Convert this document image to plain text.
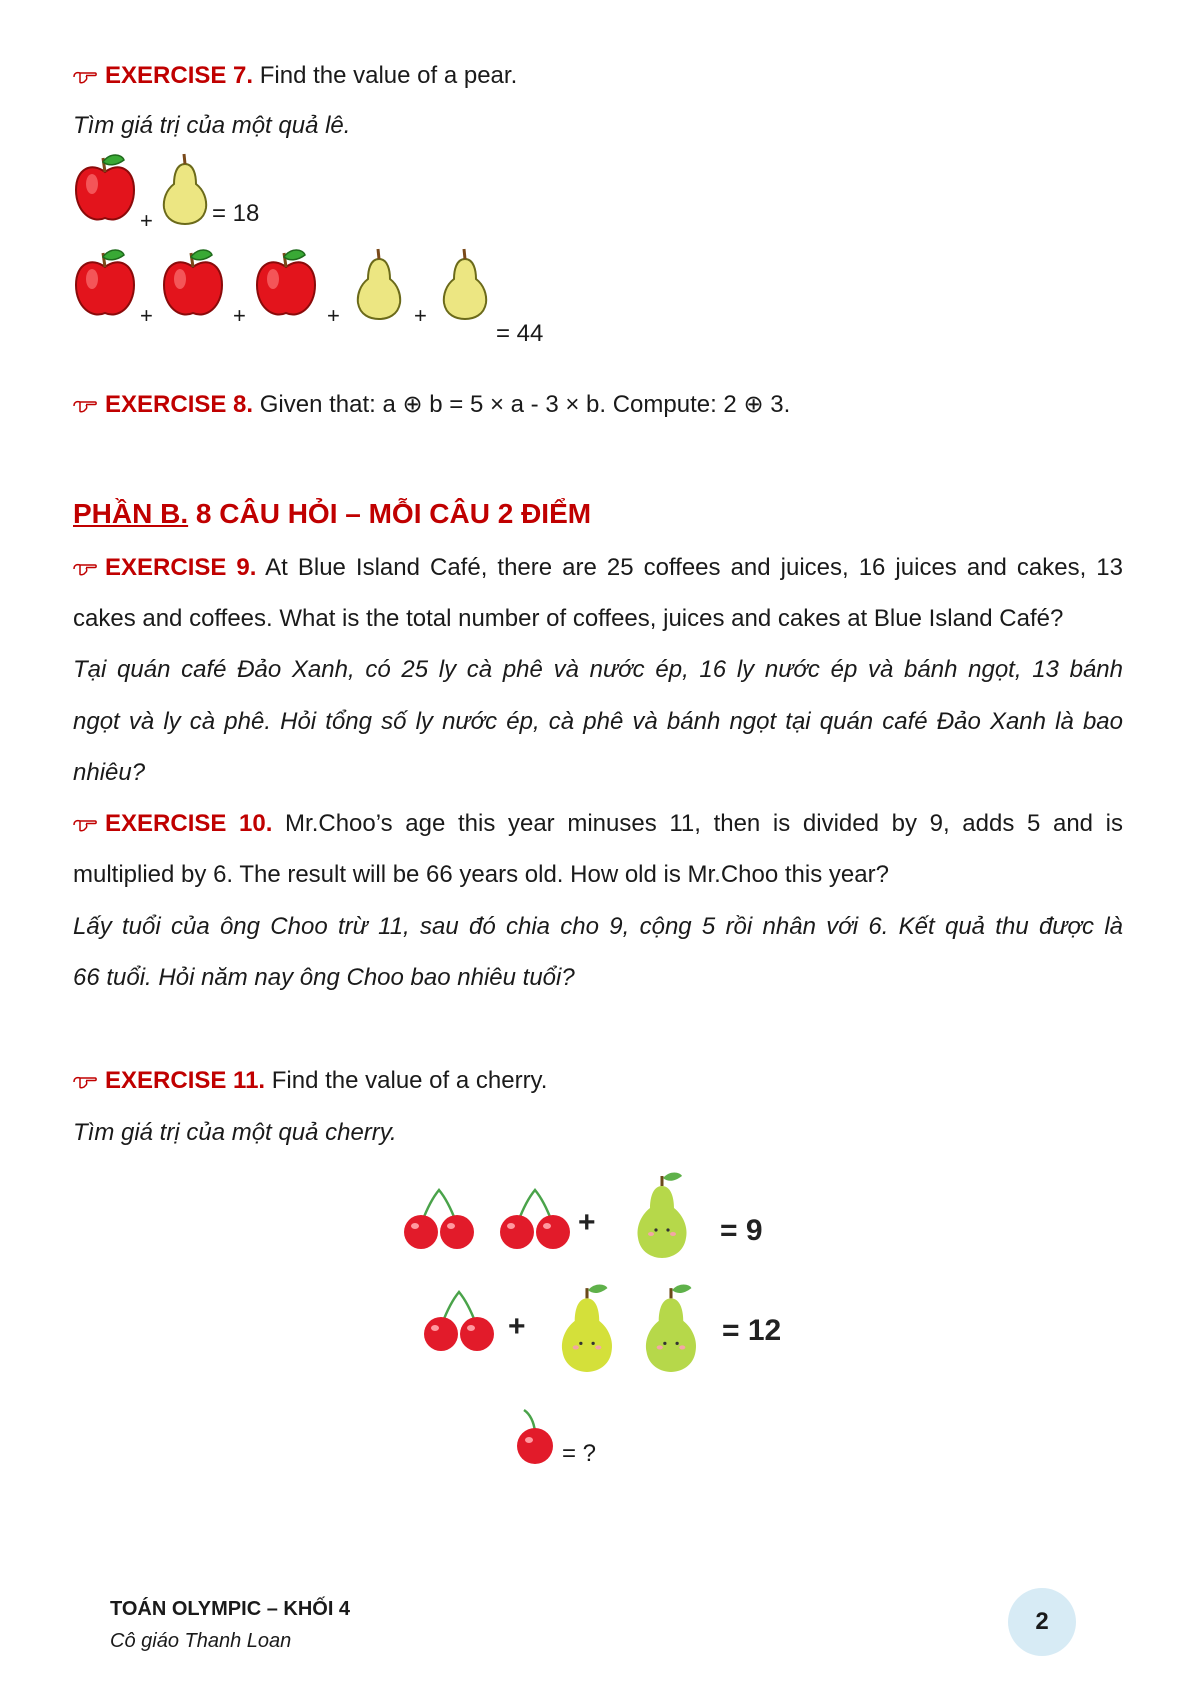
EXERCISE 7. Find the value of a pear.
Tìm giá trị của một quả lê.
+ = 18
+	+	+	+
= 44
EXERCISE 8. Given that: a ⊕ b = 5 × a - 3 × b. Compute: 2 ⊕ 3.
PHẦN B. 8 CÂU HỎI – MỖI CÂU 2 ĐIỂM
EXERCISE 9. At Blue Island Café, there are 25 coffees and juices, 16 juices and cakes, 13
cakes and coffees. What is the total number of coffees, juices and cakes at Blue Island Café?
Tại quán café Đảo Xanh, có 25 ly cà phê và nước ép, 16 ly nước ép và bánh ngọt, 13 bánh
ngọt và ly cà phê. Hỏi tổng số ly nước ép, cà phê và bánh ngọt tại quán café Đảo Xanh là bao
nhiêu?
EXERCISE 10. Mr.Choo’s age this year minuses 11, then is divided by 9, adds 5 and is
multiplied by 6. The result will be 66 years old. How old is Mr.Choo this year?
Lấy tuổi của ông Choo trừ 11, sau đó chia cho 9, cộng 5 rồi nhân với 6. Kết quả thu được là
66 tuổi. Hỏi năm nay ông Choo bao nhiêu tuổi?
EXERCISE 11. Find the value of a cherry.
Tìm giá trị của một quả cherry.
+	= 9
+	= 12
= ?
TOÁN OLYMPIC – KHỐI 4
Cô giáo Thanh Loan
2
